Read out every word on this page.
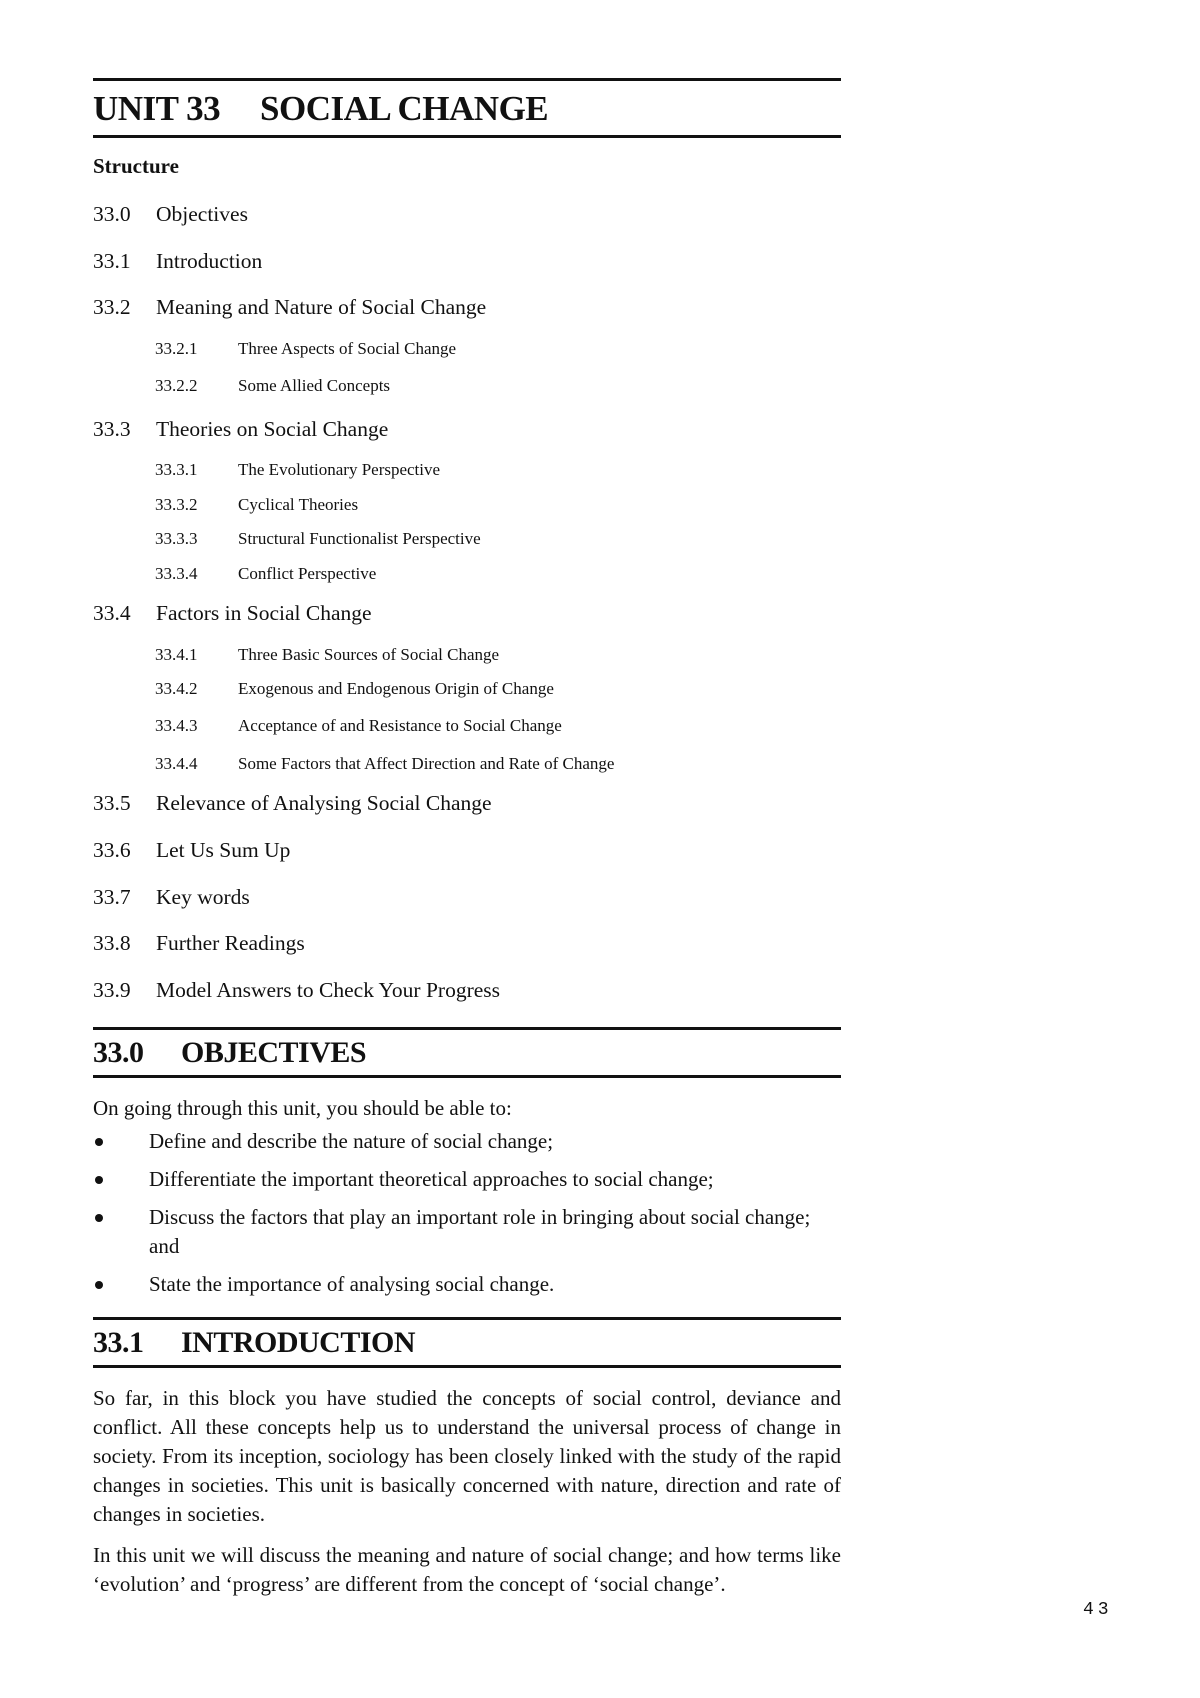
UNIT 33 SOCIAL CHANGE
Structure
33.0	Objectives
33.1	Introduction
33.2	Meaning and Nature of Social Change
33.2.1	Three Aspects of Social Change
33.2.2	Some Allied Concepts
33.3	Theories on Social Change
33.3.1	The Evolutionary Perspective
33.3.2	Cyclical Theories
33.3.3	Structural Functionalist Perspective
33.3.4	Conflict Perspective
33.4	Factors in Social Change
33.4.1	Three Basic Sources of Social Change
33.4.2	Exogenous and Endogenous Origin of Change
33.4.3	Acceptance of and Resistance to Social Change
33.4.4	Some Factors that Affect Direction and Rate of Change
33.5	Relevance of Analysing Social Change
33.6	Let Us Sum Up
33.7	Key words
33.8	Further Readings
33.9	Model Answers to Check Your Progress
33.0 OBJECTIVES
On going through this unit, you should be able to:
Define and describe the nature of social change;
Differentiate the important theoretical approaches to social change;
Discuss the factors that play an important role in bringing about social change; and
State the importance of analysing social change.
33.1 INTRODUCTION
So far, in this block you have studied the concepts of social control, deviance and conflict. All these concepts help us to understand the universal process of change in society. From its inception, sociology has been closely linked with the study of the rapid changes in societies. This unit is basically concerned with nature, direction and rate of changes in societies.
In this unit we will discuss the meaning and nature of social change; and how terms like ‘evolution’ and ‘progress’ are different from the concept of ‘social change’.
43
